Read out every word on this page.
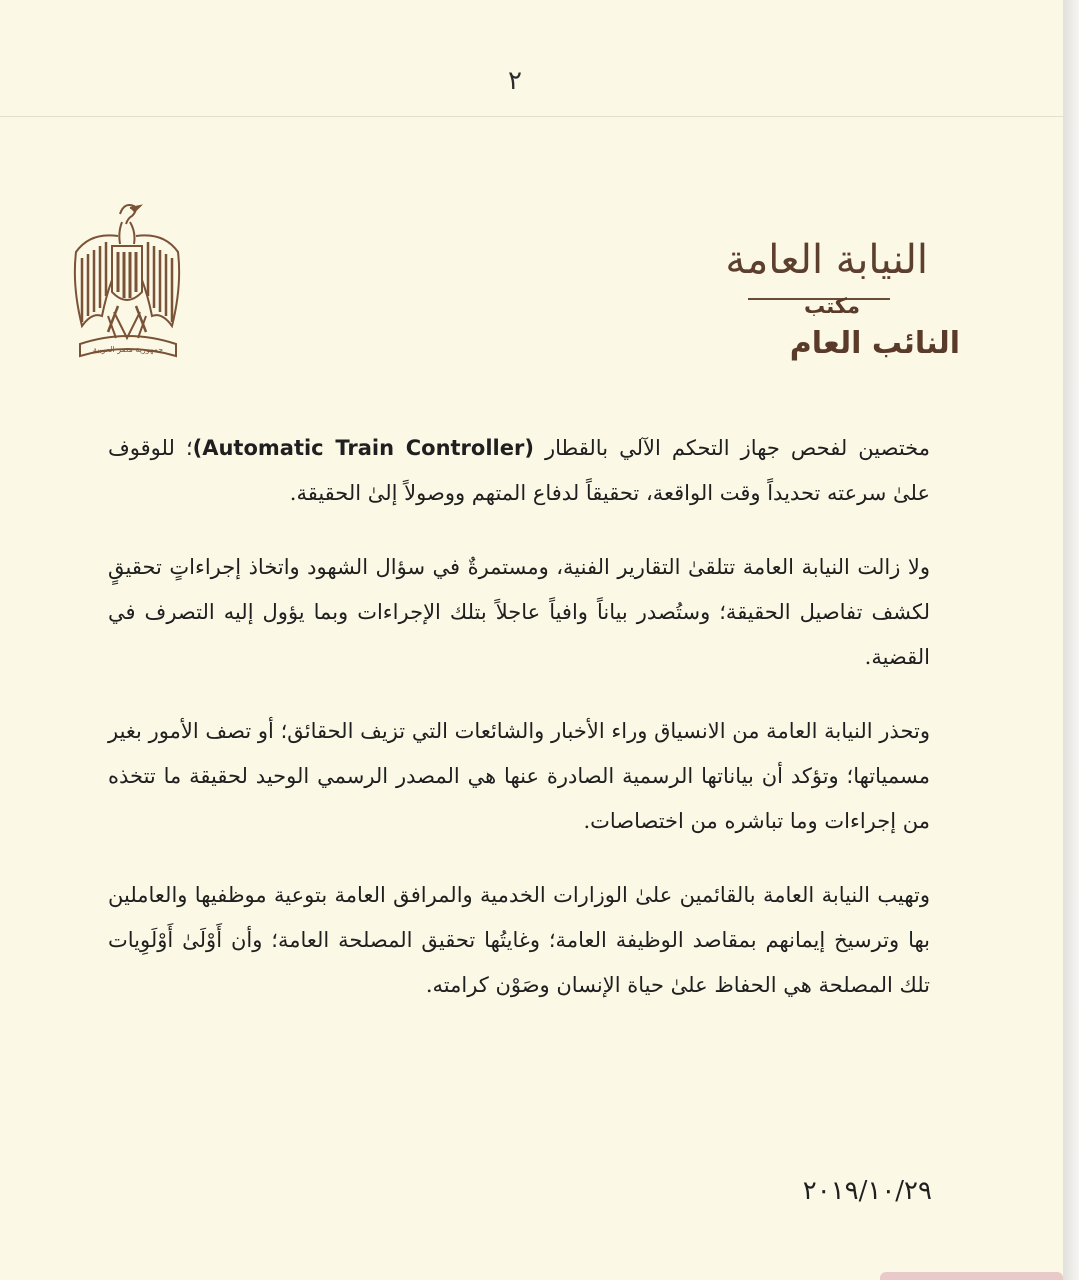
٢
جمهورية مصر العربية
النيابة العامة
مكتب
النائب العام

مختصين لفحص جهاز التحكم الآلي بالقطار (Automatic Train Controller)؛ للوقوف علىٰ سرعته تحديداً وقت الواقعة، تحقيقاً لدفاع المتهم ووصولاً إلىٰ الحقيقة.

ولا زالت النيابة العامة تتلقىٰ التقارير الفنية، ومستمرةٌ في سؤال الشهود واتخاذ إجراءاتٍ تحقيقٍ لكشف تفاصيل الحقيقة؛ وستُصدر بياناً وافياً عاجلاً بتلك الإجراءات وبما يؤول إليه التصرف في القضية.

وتحذر النيابة العامة من الانسياق وراء الأخبار والشائعات التي تزيف الحقائق؛ أو تصف الأمور بغير مسمياتها؛ وتؤكد أن بياناتها الرسمية الصادرة عنها هي المصدر الرسمي الوحيد لحقيقة ما تتخذه من إجراءات وما تباشره من اختصاصات.

وتهيب النيابة العامة بالقائمين علىٰ الوزارات الخدمية والمرافق العامة بتوعية موظفيها والعاملين بها وترسيخ إيمانهم بمقاصد الوظيفة العامة؛ وغايتُها تحقيق المصلحة العامة؛ وأن أَوْلَىٰ أَوْلَوِيات تلك المصلحة هي الحفاظ علىٰ حياة الإنسان وصَوْن كرامته.

٢٠١٩/١٠/٢٩
